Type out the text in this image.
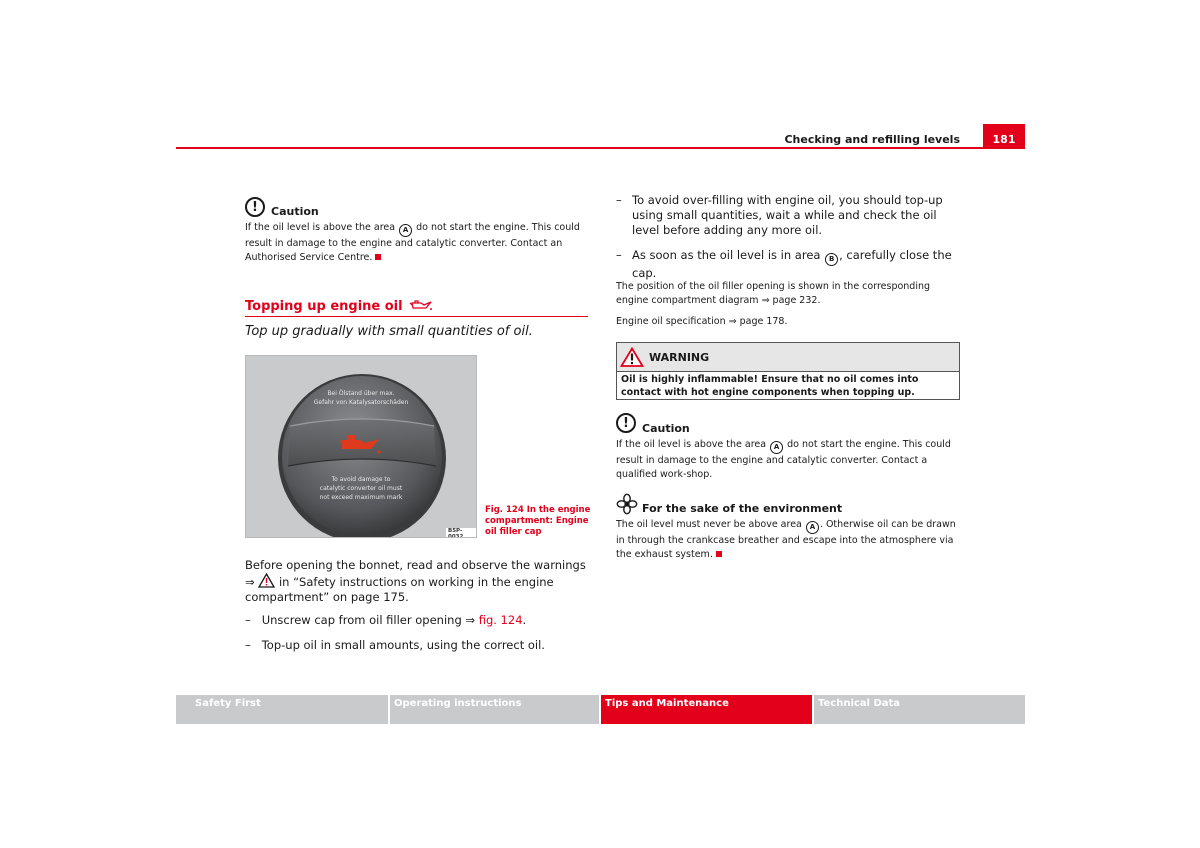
Checking and refilling levels	181
!	Caution
If the oil level is above the area A do not start the engine. This could result in damage to the engine and catalytic converter. Contact an Authorised Service Centre.
Topping up engine oil
Top up gradually with small quantities of oil.
Bei Ölstand über max.
Gefahr von Katalysatorschäden
To avoid damage to
catalytic converter oil must
not exceed maximum mark
B5P-0032
Fig. 124 In the engine compartment: Engine oil filler cap
Before opening the bonnet, read and observe the warnings ⇒ in “Safety instructions on working in the engine compartment” on page 175.
–   Unscrew cap from oil filler opening ⇒ fig. 124.
–   Top-up oil in small amounts, using the correct oil.
– To avoid over-filling with engine oil, you should top-up using small quantities, wait a while and check the oil level before adding any more oil.
– As soon as the oil level is in area B , carefully close the cap.
The position of the oil filler opening is shown in the corresponding engine compartment diagram ⇒ page 232.
Engine oil specification ⇒ page 178.
WARNING
Oil is highly inflammable! Ensure that no oil comes into contact with hot engine components when topping up.
!	Caution
If the oil level is above the area A do not start the engine. This could result in damage to the engine and catalytic converter. Contact a qualified work-shop.
For the sake of the environment
The oil level must never be above area A . Otherwise oil can be drawn in through the crankcase breather and escape into the atmosphere via the exhaust system.
Safety First	Operating instructions	Tips and Maintenance	Technical Data
